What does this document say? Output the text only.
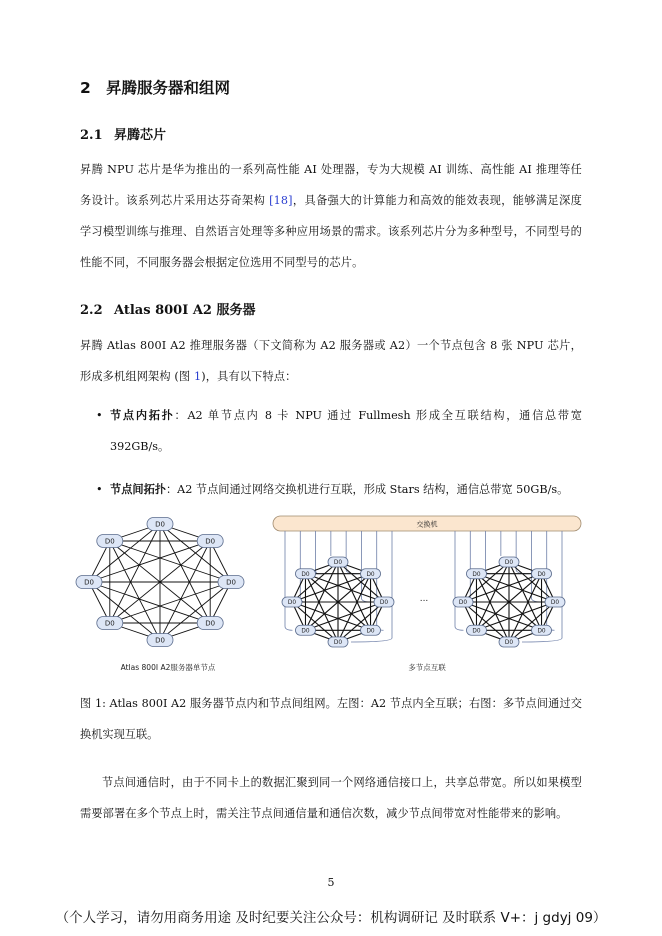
2 昇腾服务器和组网
2.1 昇腾芯片
昇腾 NPU 芯片是华为推出的一系列高性能 AI 处理器，专为大规模 AI 训练、高性能 AI 推理等任务设计。该系列芯片采用达芬奇架构 [18]，具备强大的计算能力和高效的能效表现，能够满足深度学习模型训练与推理、自然语言处理等多种应用场景的需求。该系列芯片分为多种型号，不同型号的性能不同，不同服务器会根据定位选用不同型号的芯片。
2.2 Atlas 800I A2 服务器
昇腾 Atlas 800I A2 推理服务器（下文简称为 A2 服务器或 A2）一个节点包含 8 张 NPU 芯片，形成多机组网架构 (图 1)，具有以下特点：
• 节点内拓扑：A2 单节点内 8 卡 NPU 通过 Fullmesh 形成全互联结构，通信总带宽 392GB/s。
• 节点间拓扑：A2 节点间通过网络交换机进行互联，形成 Stars 结构，通信总带宽 50GB/s。
D0
D0
D0
D0
D0
D0
D0
D0
交换机
D0
D0
D0
D0
D0
D0
D0
D0
D0
D0
D0
D0
D0
D0
D0
D0
...
Atlas 800I A2服务器单节点	多节点互联
图 1: Atlas 800I A2 服务器节点内和节点间组网。左图：A2 节点内全互联；右图：多节点间通过交换机实现互联。
节点间通信时，由于不同卡上的数据汇聚到同一个网络通信接口上，共享总带宽。所以如果模型需要部署在多个节点上时，需关注节点间通信量和通信次数，减少节点间带宽对性能带来的影响。
5
（个人学习，请勿用商务用途 及时纪要关注公众号：机构调研记 及时联系 V+：j gdyj 09）
